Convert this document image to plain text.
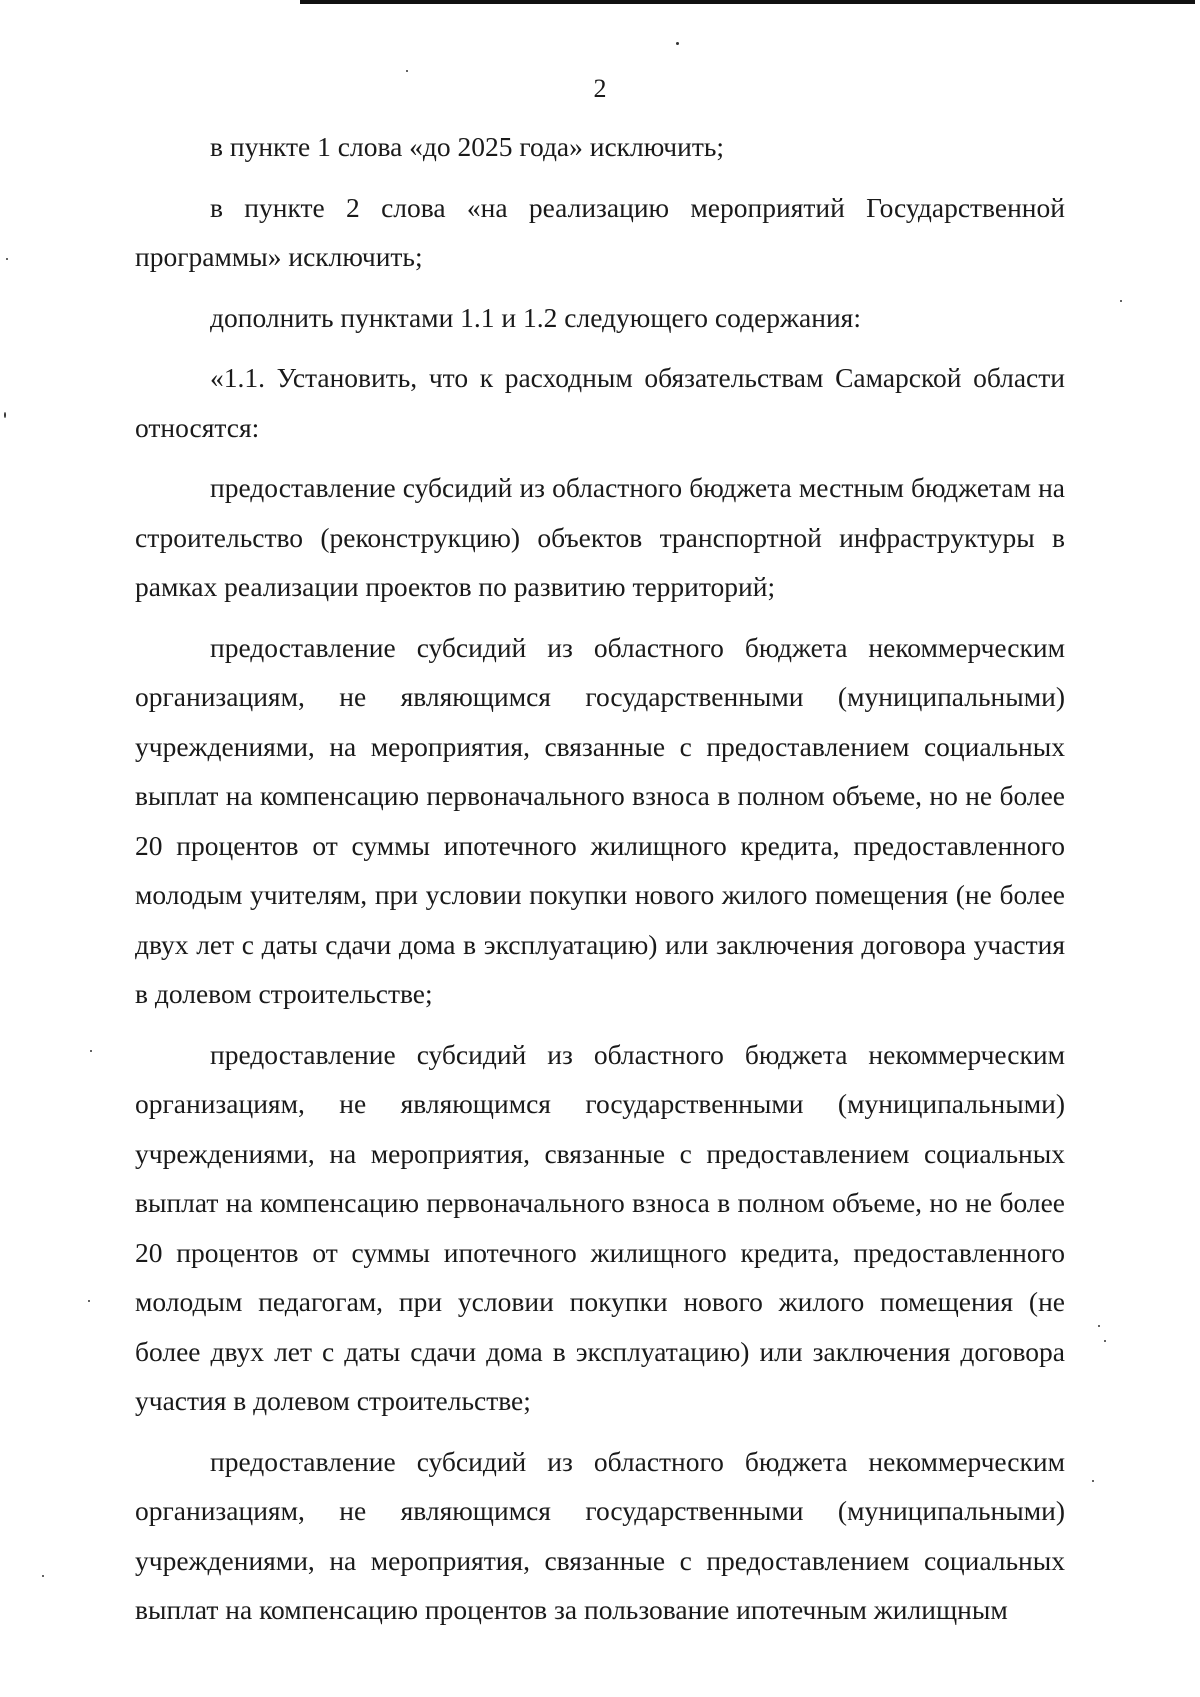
2

в пункте 1 слова «до 2025 года» исключить;

в пункте 2 слова «на реализацию мероприятий Государственной программы» исключить;

дополнить пунктами 1.1 и 1.2 следующего содержания:

«1.1. Установить, что к расходным обязательствам Самарской области относятся:

предоставление субсидий из областного бюджета местным бюджетам на строительство (реконструкцию) объектов транспортной инфраструктуры в рамках реализации проектов по развитию территорий;

предоставление субсидий из областного бюджета некоммерческим организациям, не являющимся государственными (муниципальными) учреждениями, на мероприятия, связанные с предоставлением социальных выплат на компенсацию первоначального взноса в полном объеме, но не более 20 процентов от суммы ипотечного жилищного кредита, предоставленного молодым учителям, при условии покупки нового жилого помещения (не более двух лет с даты сдачи дома в эксплуатацию) или заключения договора участия в долевом строительстве;

предоставление субсидий из областного бюджета некоммерческим организациям, не являющимся государственными (муниципальными) учреждениями, на мероприятия, связанные с предоставлением социальных выплат на компенсацию первоначального взноса в полном объеме, но не более 20 процентов от суммы ипотечного жилищного кредита, предоставленного молодым педагогам, при условии покупки нового жилого помещения (не более двух лет с даты сдачи дома в эксплуатацию) или заключения договора участия в долевом строительстве;

предоставление субсидий из областного бюджета некоммерческим организациям, не являющимся государственными (муниципальными) учреждениями, на мероприятия, связанные с предоставлением социальных выплат на компенсацию процентов за пользование ипотечным жилищным
